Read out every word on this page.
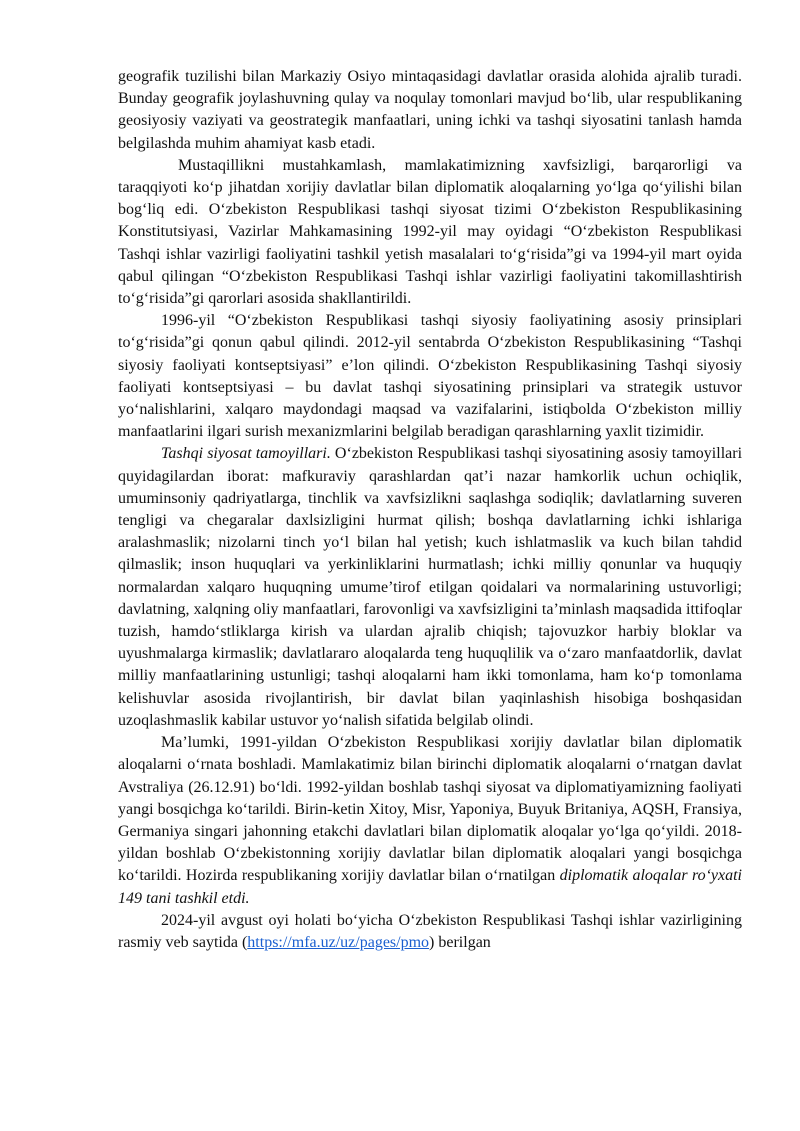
geografik tuzilishi bilan Markaziy Osiyo mintaqasidagi davlatlar orasida alohida ajralib turadi. Bunday geografik joylashuvning qulay va noqulay tomonlari mavjud bo‘lib, ular respublikaning geosiyosiy vaziyati va geostrategik manfaatlari, uning ichki va tashqi siyosatini tanlash hamda belgilashda muhim ahamiyat kasb etadi.

Mustaqillikni mustahkamlash, mamlakatimizning xavfsizligi, barqarorligi va taraqqiyoti ko‘p jihatdan xorijiy davlatlar bilan diplomatik aloqalarning yo‘lga qo‘yilishi bilan bog‘liq edi. O‘zbekiston Respublikasi tashqi siyosat tizimi O‘zbekiston Respublikasining Konstitutsiyasi, Vazirlar Mahkamasining 1992-yil may oyidagi “O‘zbekiston Respublikasi Tashqi ishlar vazirligi faoliyatini tashkil yetish masalalari to‘g‘risida”gi va 1994-yil mart oyida qabul qilingan “O‘zbekiston Respublikasi Tashqi ishlar vazirligi faoliyatini takomillashtirish to‘g‘risida”gi qarorlari asosida shakllantirildi.

1996-yil “O‘zbekiston Respublikasi tashqi siyosiy faoliyatining asosiy prinsiplari to‘g‘risida”gi qonun qabul qilindi. 2012-yil sentabrda O‘zbekiston Respublikasining “Tashqi siyosiy faoliyati kontseptsiyasi” e’lon qilindi. O‘zbekiston Respublikasining Tashqi siyosiy faoliyati kontseptsiyasi – bu davlat tashqi siyosatining prinsiplari va strategik ustuvor yo‘nalishlarini, xalqaro maydondagi maqsad va vazifalarini, istiqbolda O‘zbekiston milliy manfaatlarini ilgari surish mexanizmlarini belgilab beradigan qarashlarning yaxlit tizimidir.

Tashqi siyosat tamoyillari. O‘zbekiston Respublikasi tashqi siyosatining asosiy tamoyillari quyidagilardan iborat: mafkuraviy qarashlardan qat’i nazar hamkorlik uchun ochiqlik, umuminsoniy qadriyatlarga, tinchlik va xavfsizlikni saqlashga sodiqlik; davlatlarning suveren tengligi va chegaralar daxlsizligini hurmat qilish; boshqa davlatlarning ichki ishlariga aralashmaslik; nizolarni tinch yo‘l bilan hal yetish; kuch ishlatmaslik va kuch bilan tahdid qilmaslik; inson huquqlari va yerkinliklarini hurmatlash; ichki milliy qonunlar va huquqiy normalardan xalqaro huquqning umume’tirof etilgan qoidalari va normalarining ustuvorligi; davlatning, xalqning oliy manfaatlari, farovonligi va xavfsizligini ta’minlash maqsadida ittifoqlar tuzish, hamdo‘stliklarga kirish va ulardan ajralib chiqish; tajovuzkor harbiy bloklar va uyushmalarga kirmaslik; davlatlararo aloqalarda teng huquqlilik va o‘zaro manfaatdorlik, davlat milliy manfaatlarining ustunligi; tashqi aloqalarni ham ikki tomonlama, ham ko‘p tomonlama kelishuvlar asosida rivojlantirish, bir davlat bilan yaqinlashish hisobiga boshqasidan uzoqlashmaslik kabilar ustuvor yo‘nalish sifatida belgilab olindi.

Ma’lumki, 1991-yildan O‘zbekiston Respublikasi xorijiy davlatlar bilan diplomatik aloqalarni o‘rnata boshladi. Mamlakatimiz bilan birinchi diplomatik aloqalarni o‘rnatgan davlat Avstraliya (26.12.91) bo‘ldi. 1992-yildan boshlab tashqi siyosat va diplomatiyamizning faoliyati yangi bosqichga ko‘tarildi. Birin-ketin Xitoy, Misr, Yaponiya, Buyuk Britaniya, AQSH, Fransiya, Germaniya singari jahonning etakchi davlatlari bilan diplomatik aloqalar yo‘lga qo‘yildi. 2018-yildan boshlab O‘zbekistonning xorijiy davlatlar bilan diplomatik aloqalari yangi bosqichga ko‘tarildi. Hozirda respublikaning xorijiy davlatlar bilan o‘rnatilgan diplomatik aloqalar ro‘yxati 149 tani tashkil etdi.

2024-yil avgust oyi holati bo‘yicha O‘zbekiston Respublikasi Tashqi ishlar vazirligining rasmiy veb saytida (https://mfa.uz/uz/pages/pmo) berilgan
